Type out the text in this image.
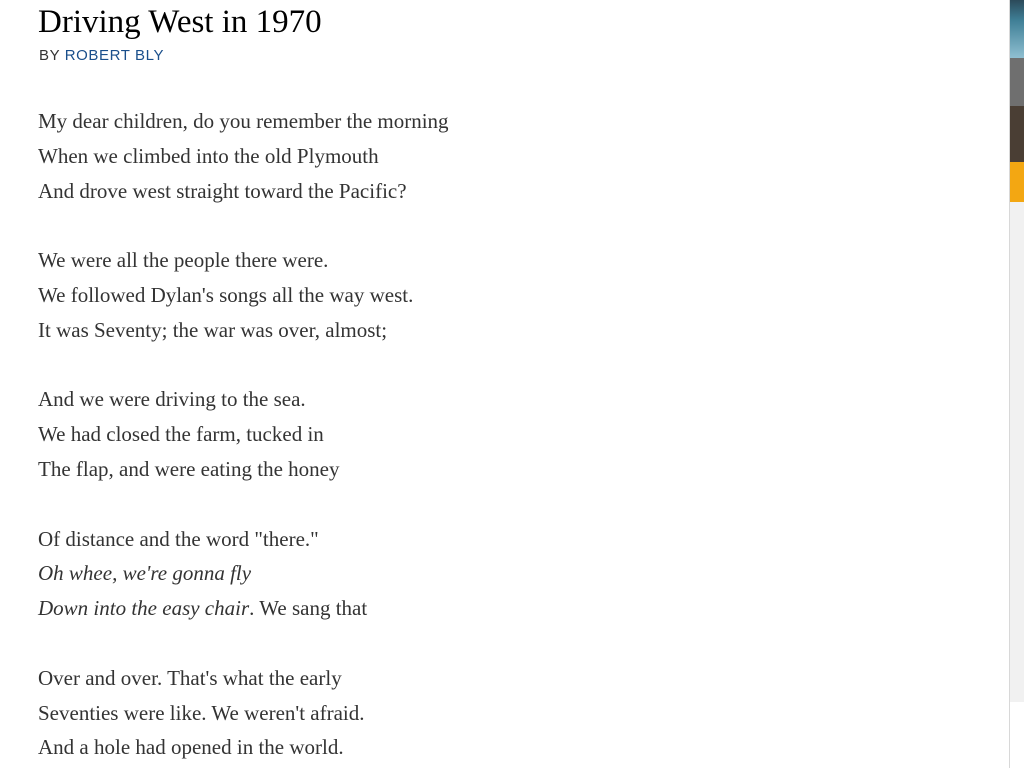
Driving West in 1970
BY ROBERT BLY
My dear children, do you remember the morning
When we climbed into the old Plymouth
And drove west straight toward the Pacific?
We were all the people there were.
We followed Dylan's songs all the way west.
It was Seventy; the war was over, almost;
And we were driving to the sea.
We had closed the farm, tucked in
The flap, and were eating the honey
Of distance and the word "there."
Oh whee, we're gonna fly
Down into the easy chair. We sang that
Over and over. That's what the early
Seventies were like. We weren't afraid.
And a hole had opened in the world.
